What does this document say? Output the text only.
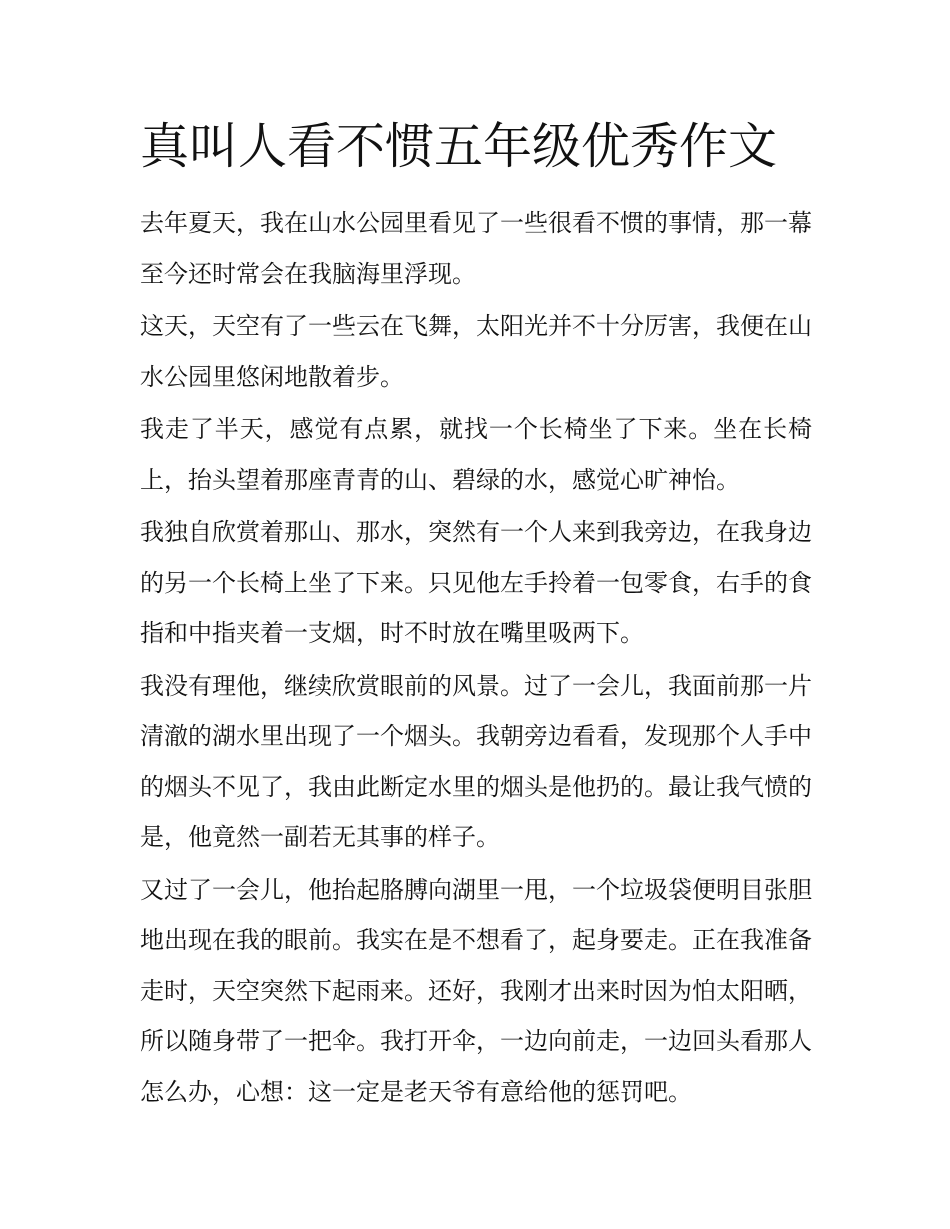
真叫人看不惯五年级优秀作文

去年夏天，我在山水公园里看见了一些很看不惯的事情，那一幕至今还时常会在我脑海里浮现。

这天，天空有了一些云在飞舞，太阳光并不十分厉害，我便在山水公园里悠闲地散着步。

我走了半天，感觉有点累，就找一个长椅坐了下来。坐在长椅上，抬头望着那座青青的山、碧绿的水，感觉心旷神怡。

我独自欣赏着那山、那水，突然有一个人来到我旁边，在我身边的另一个长椅上坐了下来。只见他左手拎着一包零食，右手的食指和中指夹着一支烟，时不时放在嘴里吸两下。

我没有理他，继续欣赏眼前的风景。过了一会儿，我面前那一片清澈的湖水里出现了一个烟头。我朝旁边看看，发现那个人手中的烟头不见了，我由此断定水里的烟头是他扔的。最让我气愤的是，他竟然一副若无其事的样子。

又过了一会儿，他抬起胳膊向湖里一甩，一个垃圾袋便明目张胆地出现在我的眼前。我实在是不想看了，起身要走。正在我准备走时，天空突然下起雨来。还好，我刚才出来时因为怕太阳晒，所以随身带了一把伞。我打开伞，一边向前走，一边回头看那人怎么办，心想：这一定是老天爷有意给他的惩罚吧。
